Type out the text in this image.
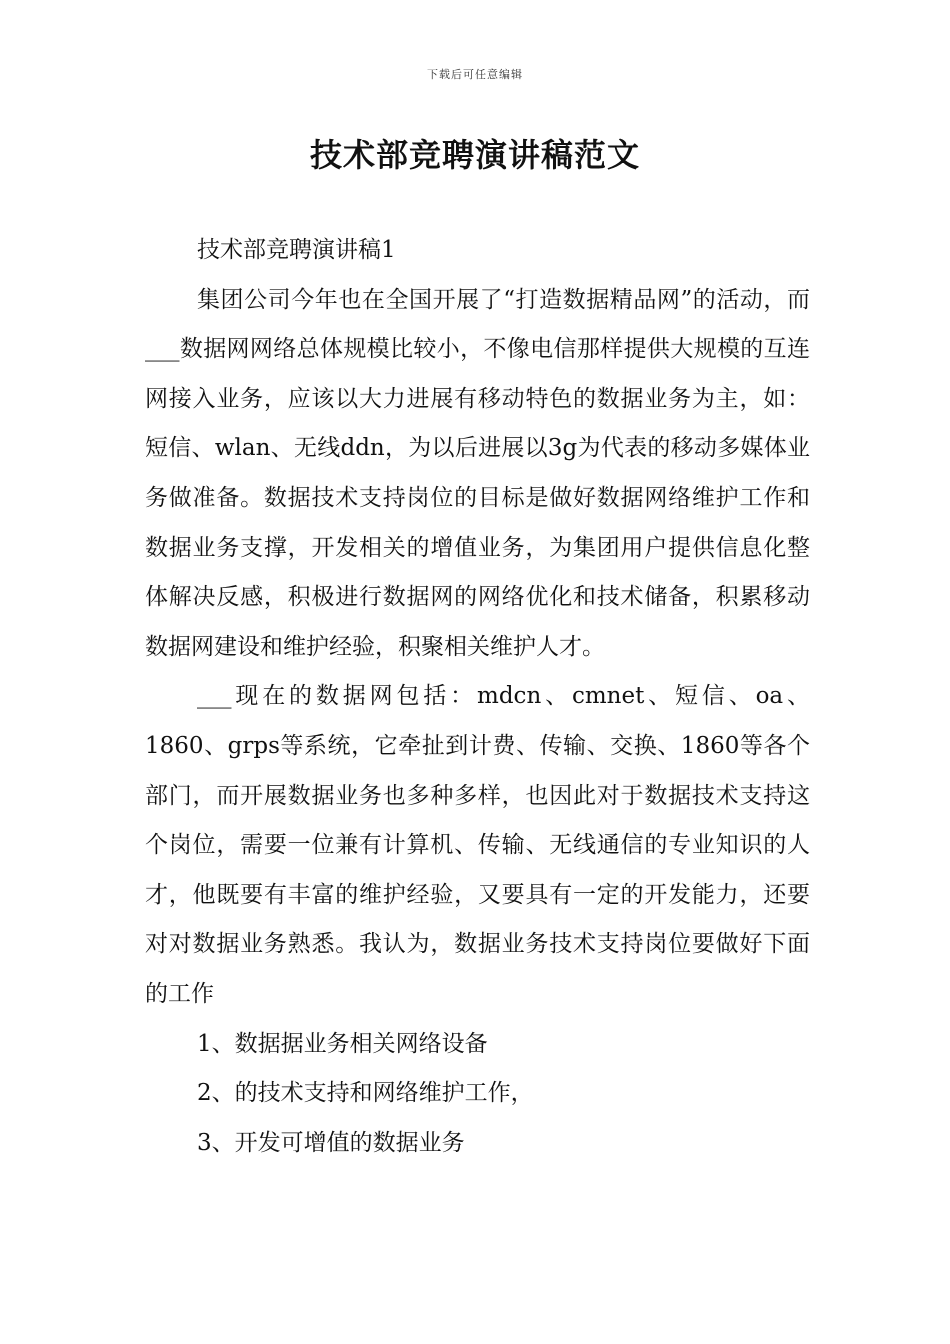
下载后可任意编辑
技术部竞聘演讲稿范文

技术部竞聘演讲稿1

集团公司今年也在全国开展了“打造数据精品网”的活动，而___数据网网络总体规模比较小，不像电信那样提供大规模的互连网接入业务，应该以大力进展有移动特色的数据业务为主，如：短信、wlan、无线ddn，为以后进展以3g为代表的移动多媒体业务做准备。数据技术支持岗位的目标是做好数据网络维护工作和数据业务支撑，开发相关的增值业务，为集团用户提供信息化整体解决反感，积极进行数据网的网络优化和技术储备，积累移动数据网建设和维护经验，积聚相关维护人才。

___现在的数据网包括：mdcn、cmnet、短信、oa、1860、grps等系统，它牵扯到计费、传输、交换、1860等各个部门，而开展数据业务也多种多样，也因此对于数据技术支持这个岗位，需要一位兼有计算机、传输、无线通信的专业知识的人才，他既要有丰富的维护经验，又要具有一定的开发能力，还要对对数据业务熟悉。我认为，数据业务技术支持岗位要做好下面的工作

1、数据据业务相关网络设备

2、的技术支持和网络维护工作，

3、开发可增值的数据业务
